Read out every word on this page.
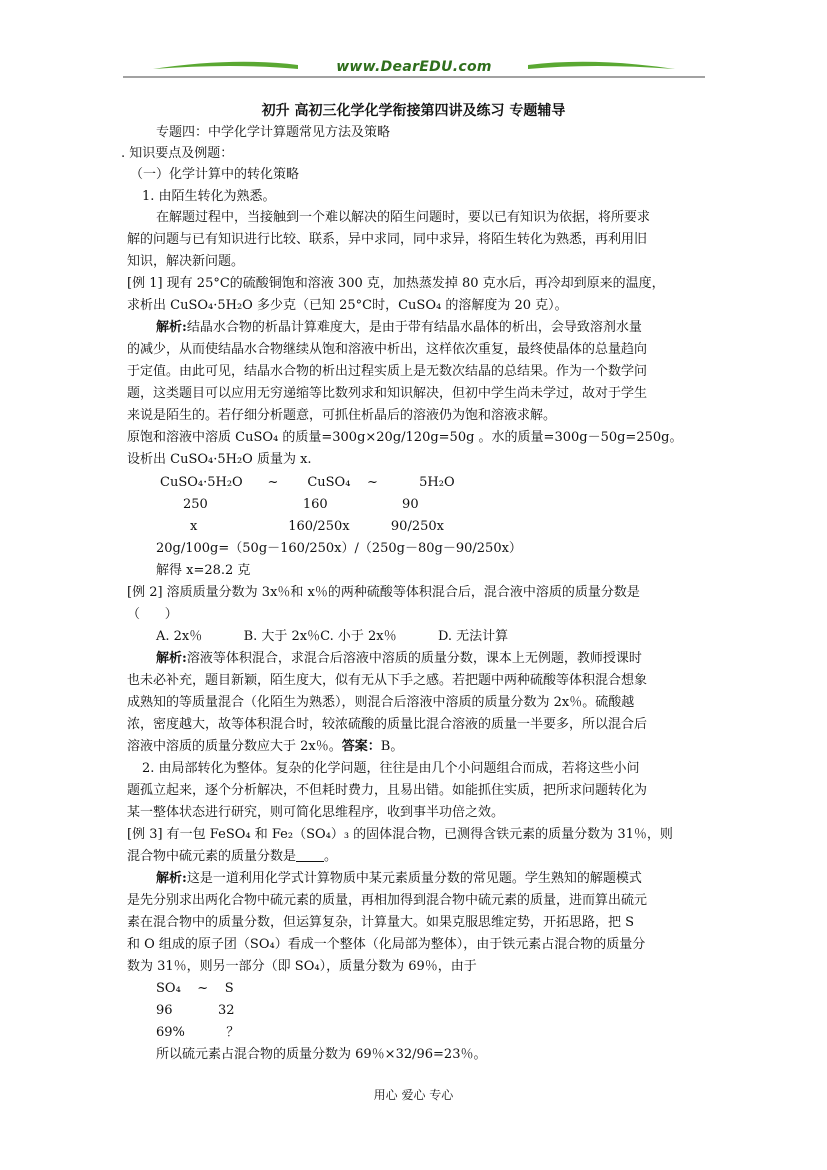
www.DearEDU.com
初升 高初三化学化学衔接第四讲及练习 专题辅导
专题四：中学化学计算题常见方法及策略
. 知识要点及例题：
（一）化学计算中的转化策略
1. 由陌生转化为熟悉。
在解题过程中，当接触到一个难以解决的陌生问题时，要以已有知识为依据，将所要求
解的问题与已有知识进行比较、联系，异中求同，同中求异，将陌生转化为熟悉，再利用旧
知识，解决新问题。
[例 1] 现有 25°C的硫酸铜饱和溶液 300 克，加热蒸发掉 80 克水后，再冷却到原来的温度，
求析出 CuSO₄·5H₂O 多少克（已知 25°C时，CuSO₄ 的溶解度为 20 克）。
解析:结晶水合物的析晶计算难度大，是由于带有结晶水晶体的析出，会导致溶剂水量
的减少，从而使结晶水合物继续从饱和溶液中析出，这样依次重复，最终使晶体的总量趋向
于定值。由此可见，结晶水合物的析出过程实质上是无数次结晶的总结果。作为一个数学问
题，这类题目可以应用无穷递缩等比数列求和知识解决，但初中学生尚未学过，故对于学生
来说是陌生的。若仔细分析题意，可抓住析晶后的溶液仍为饱和溶液求解。
原饱和溶液中溶质 CuSO₄ 的质量=300g×20g/120g=50g 。水的质量=300g－50g=250g。
设析出 CuSO₄·5H₂O 质量为 x.
CuSO₄·5H₂O      ~       CuSO₄    ~          5H₂O
250                       160                  90
x                      160/250x          90/250x
20g/100g=（50g－160/250x）/（250g－80g－90/250x）
解得 x=28.2 克
[例 2] 溶质质量分数为 3x％和 x％的两种硫酸等体积混合后，混合液中溶质的质量分数是
（      ）
A. 2x％          B. 大于 2x％C. 小于 2x％          D. 无法计算
解析:溶液等体积混合，求混合后溶液中溶质的质量分数，课本上无例题，教师授课时
也未必补充，题目新颖，陌生度大，似有无从下手之感。若把题中两种硫酸等体积混合想象
成熟知的等质量混合（化陌生为熟悉），则混合后溶液中溶质的质量分数为 2x％。硫酸越
浓，密度越大，故等体积混合时，较浓硫酸的质量比混合溶液的质量一半要多，所以混合后
溶液中溶质的质量分数应大于 2x％。答案：B。
2. 由局部转化为整体。复杂的化学问题，往往是由几个小问题组合而成，若将这些小问
题孤立起来，逐个分析解决，不但耗时费力，且易出错。如能抓住实质，把所求问题转化为
某一整体状态进行研究，则可简化思维程序，收到事半功倍之效。
[例 3] 有一包 FeSO₄ 和 Fe₂（SO₄）₃ 的固体混合物，已测得含铁元素的质量分数为 31％，则
混合物中硫元素的质量分数是 。
解析:这是一道利用化学式计算物质中某元素质量分数的常见题。学生熟知的解题模式
是先分别求出两化合物中硫元素的质量，再相加得到混合物中硫元素的质量，进而算出硫元
素在混合物中的质量分数，但运算复杂，计算量大。如果克服思维定势，开拓思路，把 S
和 O 组成的原子团（SO₄）看成一个整体（化局部为整体），由于铁元素占混合物的质量分
数为 31％，则另一部分（即 SO₄），质量分数为 69％，由于
SO₄    ~    S
96           32
69%          ？
所以硫元素占混合物的质量分数为 69％×32/96=23％。
用心 爱心 专心
